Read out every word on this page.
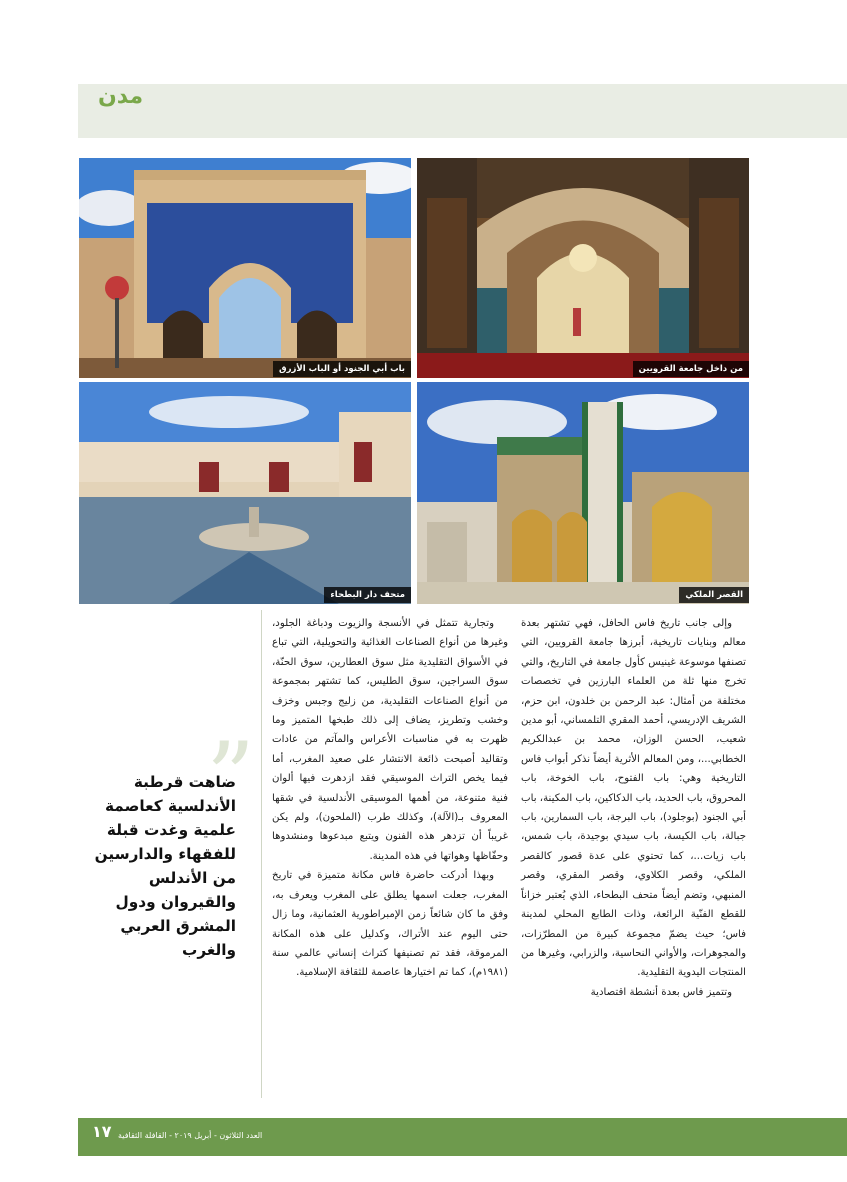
مدن
من داخل جامعة القرويين
باب أبي الجنود أو الباب الأزرق
القصر الملكي
متحف دار البطحاء

وإلى جانب تاريخ فاس الحافل، فهي تشتهر بعدة معالم وبنايات تاريخية، أبرزها جامعة القرويين، التي تصنفها موسوعة غينيس كأول جامعة في التاريخ، والتي تخرج منها ثلة من العلماء البارزين في تخصصات مختلفة من أمثال: عبد الرحمن بن خلدون، ابن حزم، الشريف الإدريسي، أحمد المقري التلمساني، أبو مدين شعيب، الحسن الوزان، محمد بن عبدالكريم الخطابي...، ومن المعالم الأثرية أيضاً نذكر أبواب فاس التاريخية وهي: باب الفتوح، باب الخوخة، باب المحروق، باب الحديد، باب الدكاكين، باب المكينة، باب أبي الجنود (بوجلود)، باب البرجة، باب السمارين، باب جبالة، باب الكيسة، باب سيدي بوجيدة، باب شمس، باب زيات...، كما تحتوي على عدة قصور كالقصر الملكي، وقصر الكلاوي، وقصر المقري، وقصر المنبهي، وتضم أيضاً متحف البطحاء، الذي يُعتبر خزاناً للقطع الفنّية الرائعة، وذات الطابع المحلي لمدينة فاس؛ حيث يضمّ مجموعة كبيرة من المطرّزات، والمجوهرات، والأواني النحاسية، والزرابي، وغيرها من المنتجات اليدوية التقليدية.

وتتميز فاس بعدة أنشطة اقتصادية

وتجارية تتمثل في الأنسجة والزيوت ودباغة الجلود، وغيرها من أنواع الصناعات الغذائية والتحويلية، التي تباع في الأسواق التقليدية مثل سوق العطارين، سوق الحنّة، سوق السراجين، سوق الطليس، كما تشتهر بمجموعة من أنواع الصناعات التقليدية، من زليج وجبس وخزف وخشب وتطريز، يضاف إلى ذلك طبخها المتميز وما ظهرت به في مناسبات الأعراس والمآتم من عادات وتقاليد أصبحت ذائعة الانتشار على صعيد المغرب، أما فيما يخص التراث الموسيقي فقد ازدهرت فيها ألوان فنية متنوعة، من أهمها الموسيقى الأندلسية في شقها المعروف بـ(الآلة)، وكذلك طرب (الملحون)، ولم يكن غريباً أن تزدهر هذه الفنون ويتبع مبدعوها ومنشدوها وحفّاظها وهواتها في هذه المدينة.

وبهذا أدركت حاضرة فاس مكانة متميزة في تاريخ المغرب، جعلت اسمها يطلق على المغرب ويعرف به، وفق ما كان شائعاً زمن الإمبراطورية العثمانية، وما زال حتى اليوم عند الأتراك، وكدليل على هذه المكانة المرموقة، فقد تم تصنيفها كتراث إنساني عالمي سنة (١٩٨١م)، كما تم اختيارها عاصمة للثقافة الإسلامية.

”
ضاهت قرطبة الأندلسية كعاصمة علمية وغدت قبلة للفقهاء والدارسين من الأندلس والقيروان ودول المشرق العربي والغرب
١٧ العدد الثلاثون - أبريل ٢٠١٩ - القافلة الثقافية
